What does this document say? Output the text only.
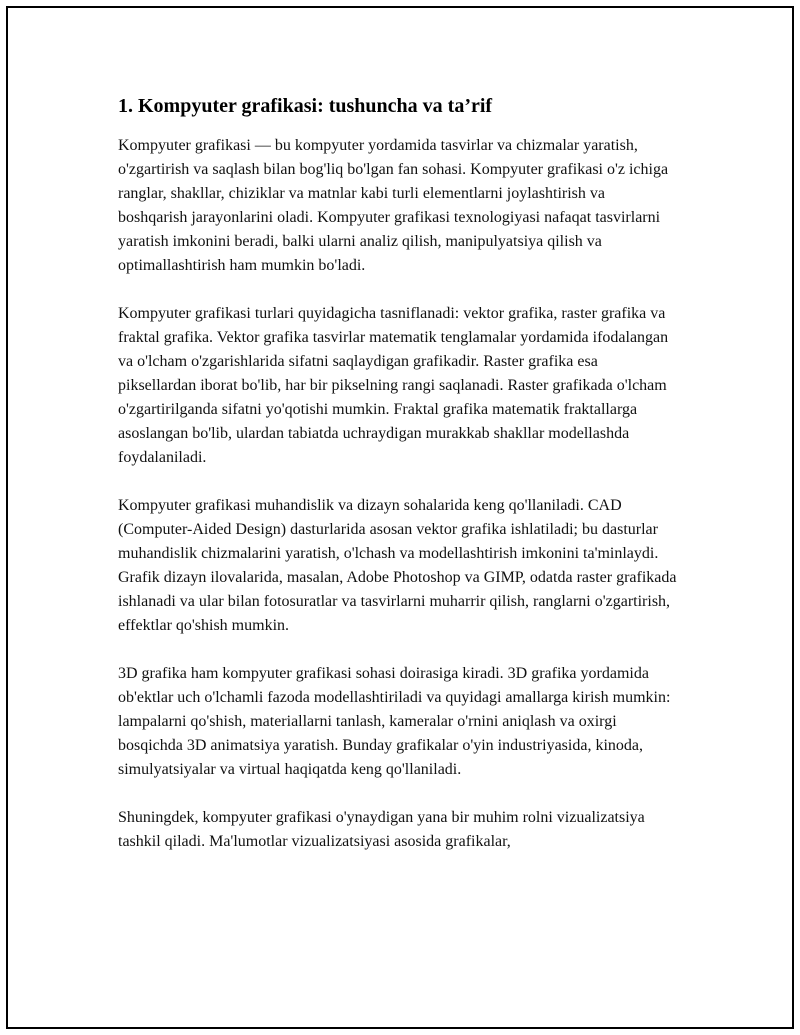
1. Kompyuter grafikasi: tushuncha va ta’rif

Kompyuter grafikasi — bu kompyuter yordamida tasvirlar va chizmalar yaratish, o'zgartirish va saqlash bilan bog'liq bo'lgan fan sohasi. Kompyuter grafikasi o'z ichiga ranglar, shakllar, chiziklar va matnlar kabi turli elementlarni joylashtirish va boshqarish jarayonlarini oladi. Kompyuter grafikasi texnologiyasi nafaqat tasvirlarni yaratish imkonini beradi, balki ularni analiz qilish, manipulyatsiya qilish va optimallashtirish ham mumkin bo'ladi.

Kompyuter grafikasi turlari quyidagicha tasniflanadi: vektor grafika, raster grafika va fraktal grafika. Vektor grafika tasvirlar matematik tenglamalar yordamida ifodalangan va o'lcham o'zgarishlarida sifatni saqlaydigan grafikadir. Raster grafika esa piksellardan iborat bo'lib, har bir pikselning rangi saqlanadi. Raster grafikada o'lcham o'zgartirilganda sifatni yo'qotishi mumkin. Fraktal grafika matematik fraktallarga asoslangan bo'lib, ulardan tabiatda uchraydigan murakkab shakllar modellashda foydalaniladi.

Kompyuter grafikasi muhandislik va dizayn sohalarida keng qo'llaniladi. CAD (Computer-Aided Design) dasturlarida asosan vektor grafika ishlatiladi; bu dasturlar muhandislik chizmalarini yaratish, o'lchash va modellashtirish imkonini ta'minlaydi. Grafik dizayn ilovalarida, masalan, Adobe Photoshop va GIMP, odatda raster grafikada ishlanadi va ular bilan fotosuratlar va tasvirlarni muharrir qilish, ranglarni o'zgartirish, effektlar qo'shish mumkin.

3D grafika ham kompyuter grafikasi sohasi doirasiga kiradi. 3D grafika yordamida ob'ektlar uch o'lchamli fazoda modellashtiriladi va quyidagi amallarga kirish mumkin: lampalarni qo'shish, materiallarni tanlash, kameralar o'rnini aniqlash va oxirgi bosqichda 3D animatsiya yaratish. Bunday grafikalar o'yin industriyasida, kinoda, simulyatsiyalar va virtual haqiqatda keng qo'llaniladi.

Shuningdek, kompyuter grafikasi o'ynaydigan yana bir muhim rolni vizualizatsiya tashkil qiladi. Ma'lumotlar vizualizatsiyasi asosida grafikalar,
